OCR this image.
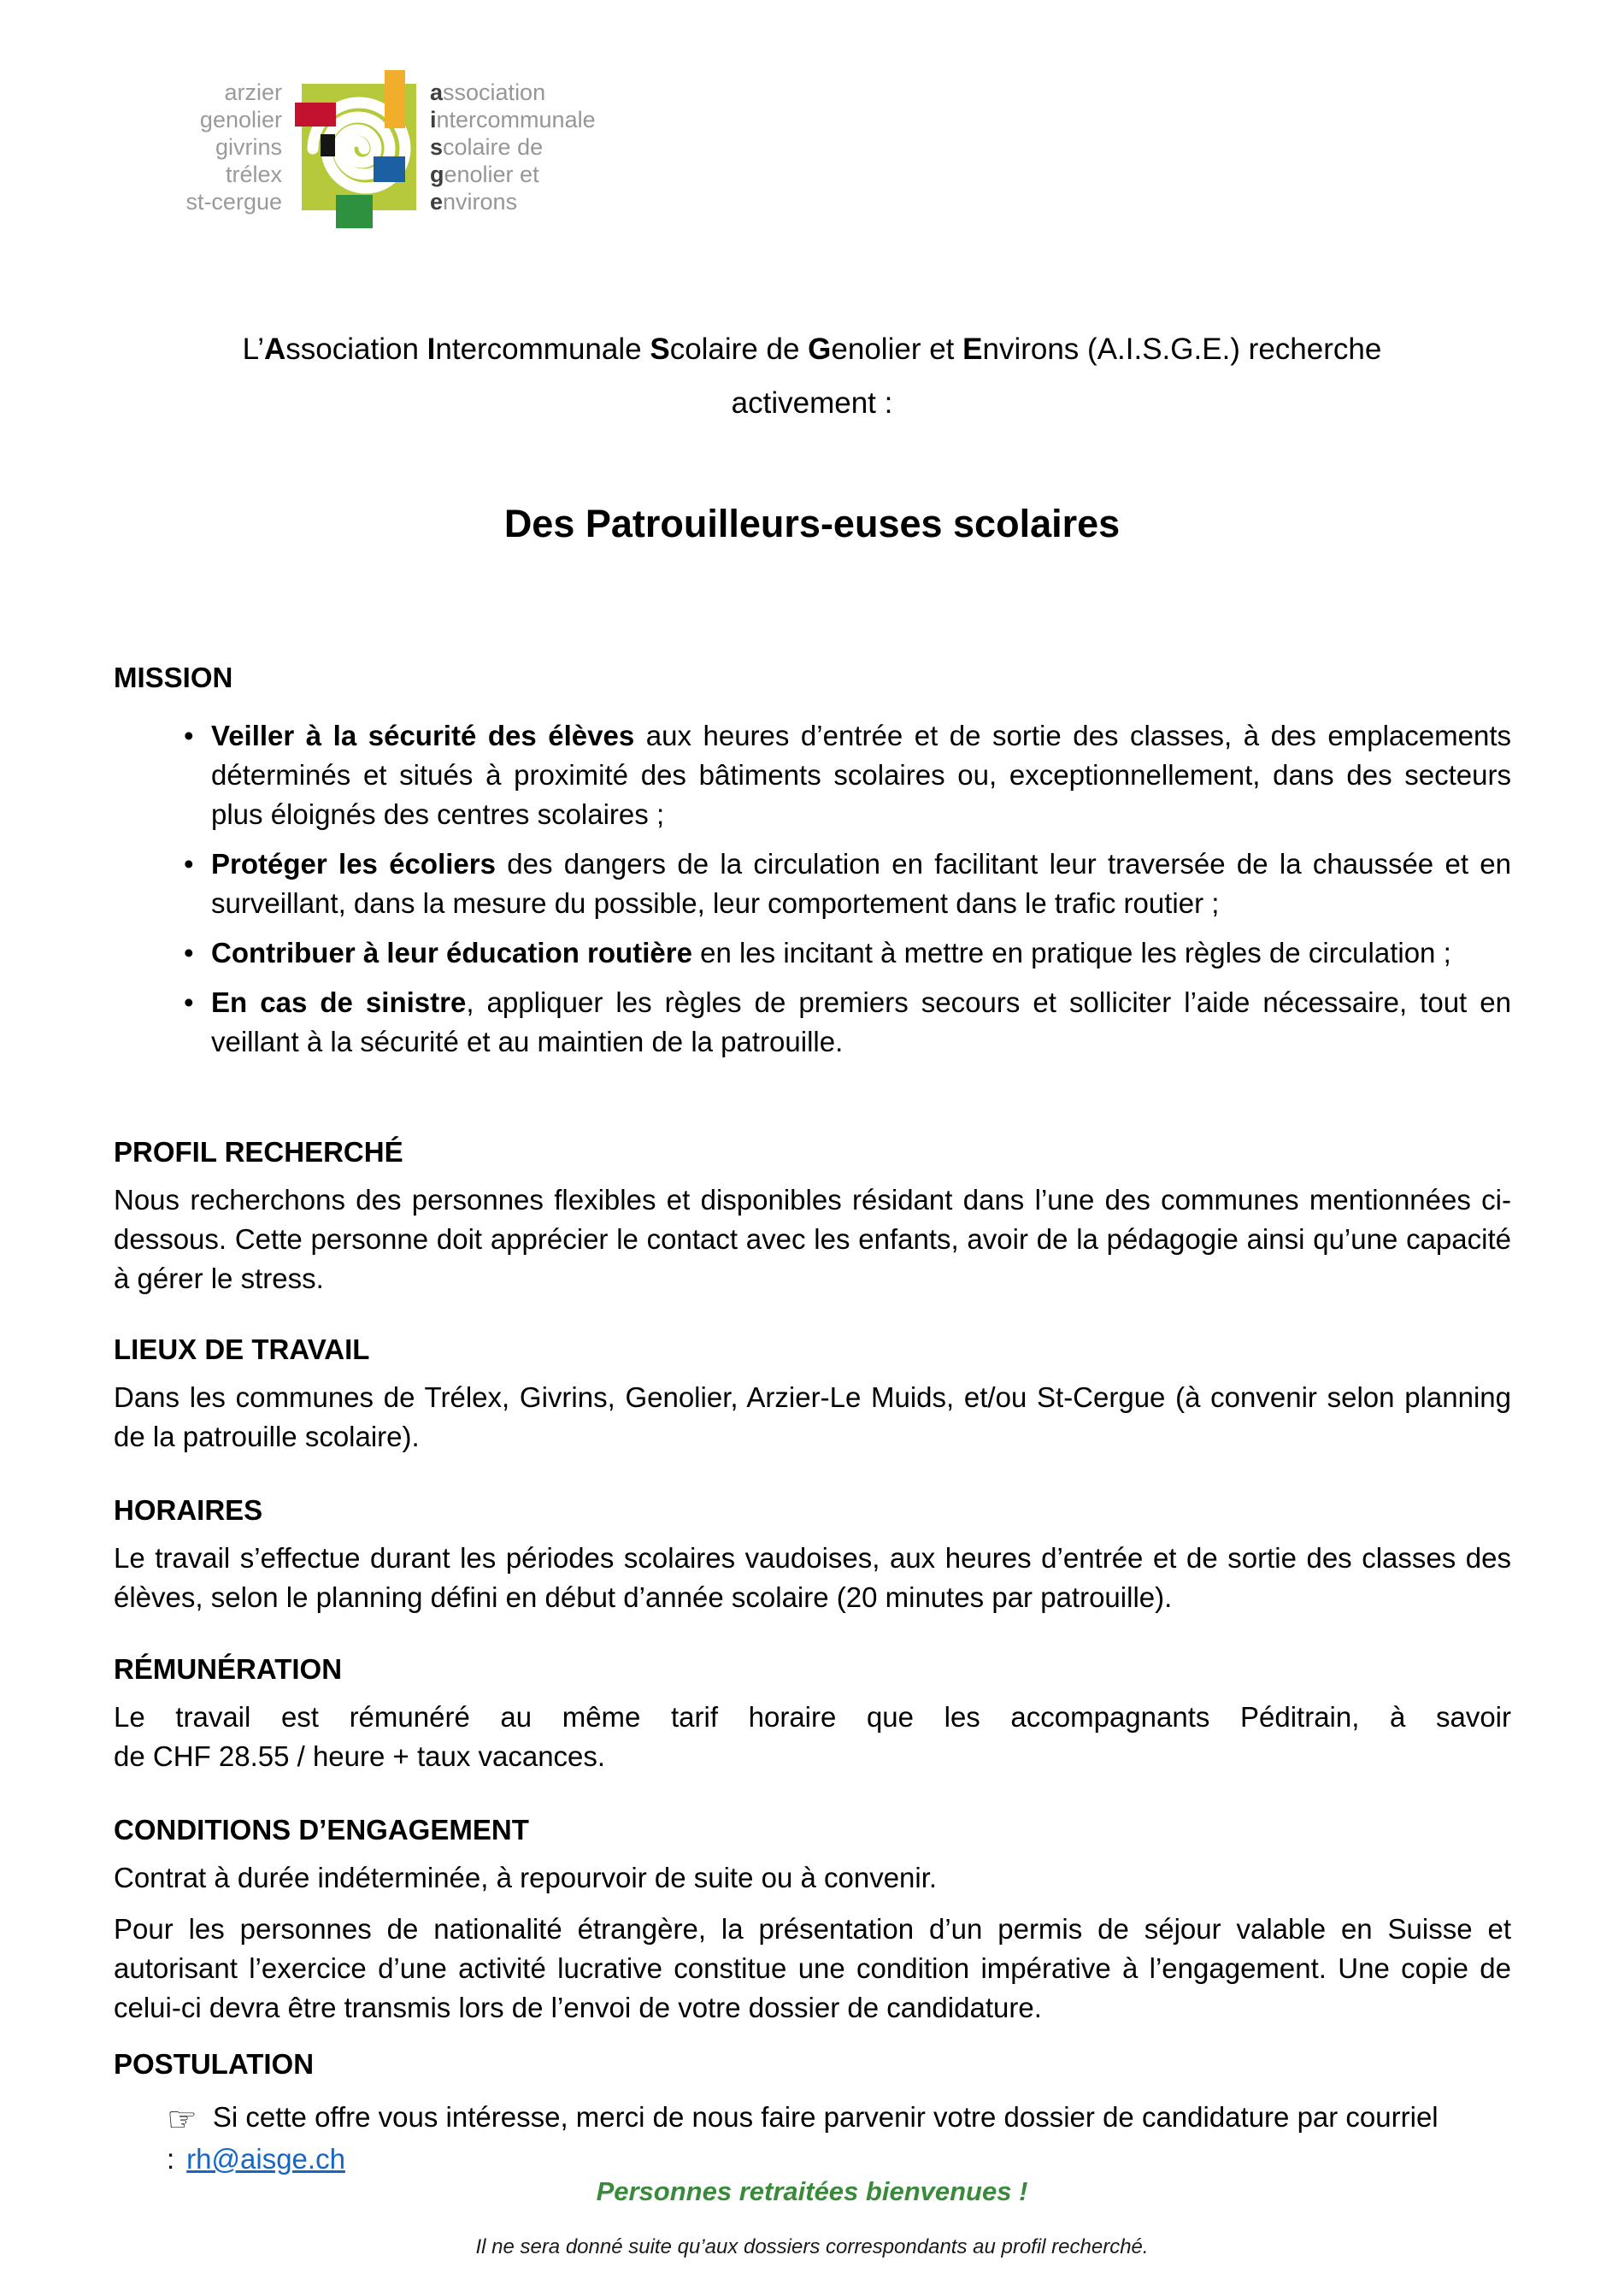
arzier
genolier
givrins
trélex
st-cergue
association
intercommunale
scolaire de
genolier et
environs
L’Association Intercommunale Scolaire de Genolier et Environs (A.I.S.G.E.) recherche
activement :
Des Patrouilleurs-euses scolaires
MISSION
• Veiller à la sécurité des élèves aux heures d’entrée et de sortie des classes, à des emplacements déterminés et situés à proximité des bâtiments scolaires ou, exceptionnellement, dans des secteurs plus éloignés des centres scolaires ;
• Protéger les écoliers des dangers de la circulation en facilitant leur traversée de la chaussée et en surveillant, dans la mesure du possible, leur comportement dans le trafic routier ;
• Contribuer à leur éducation routière en les incitant à mettre en pratique les règles de circulation ;
• En cas de sinistre, appliquer les règles de premiers secours et solliciter l’aide nécessaire, tout en veillant à la sécurité et au maintien de la patrouille.
PROFIL RECHERCHÉ

Nous recherchons des personnes flexibles et disponibles résidant dans l’une des communes mentionnées ci-dessous. Cette personne doit apprécier le contact avec les enfants, avoir de la pédagogie ainsi qu’une capacité à gérer le stress.

LIEUX DE TRAVAIL

Dans les communes de Trélex, Givrins, Genolier, Arzier-Le Muids, et/ou St-Cergue (à convenir selon planning de la patrouille scolaire).

HORAIRES

Le travail s’effectue durant les périodes scolaires vaudoises, aux heures d’entrée et de sortie des classes des élèves, selon le planning défini en début d’année scolaire (20 minutes par patrouille).

RÉMUNÉRATION

Le travail est rémunéré au même tarif horaire que les accompagnants Péditrain, à savoir

de CHF 28.55 / heure + taux vacances.

CONDITIONS D’ENGAGEMENT

Contrat à durée indéterminée, à repourvoir de suite ou à convenir.

Pour les personnes de nationalité étrangère, la présentation d’un permis de séjour valable en Suisse et autorisant l’exercice d’une activité lucrative constitue une condition impérative à l’engagement. Une copie de celui-ci devra être transmis lors de l’envoi de votre dossier de candidature.

POSTULATION
☞ Si cette offre vous intéresse, merci de nous faire parvenir votre dossier de candidature par courriel : rh@aisge.ch
Personnes retraitées bienvenues !
Il ne sera donné suite qu’aux dossiers correspondants au profil recherché.
